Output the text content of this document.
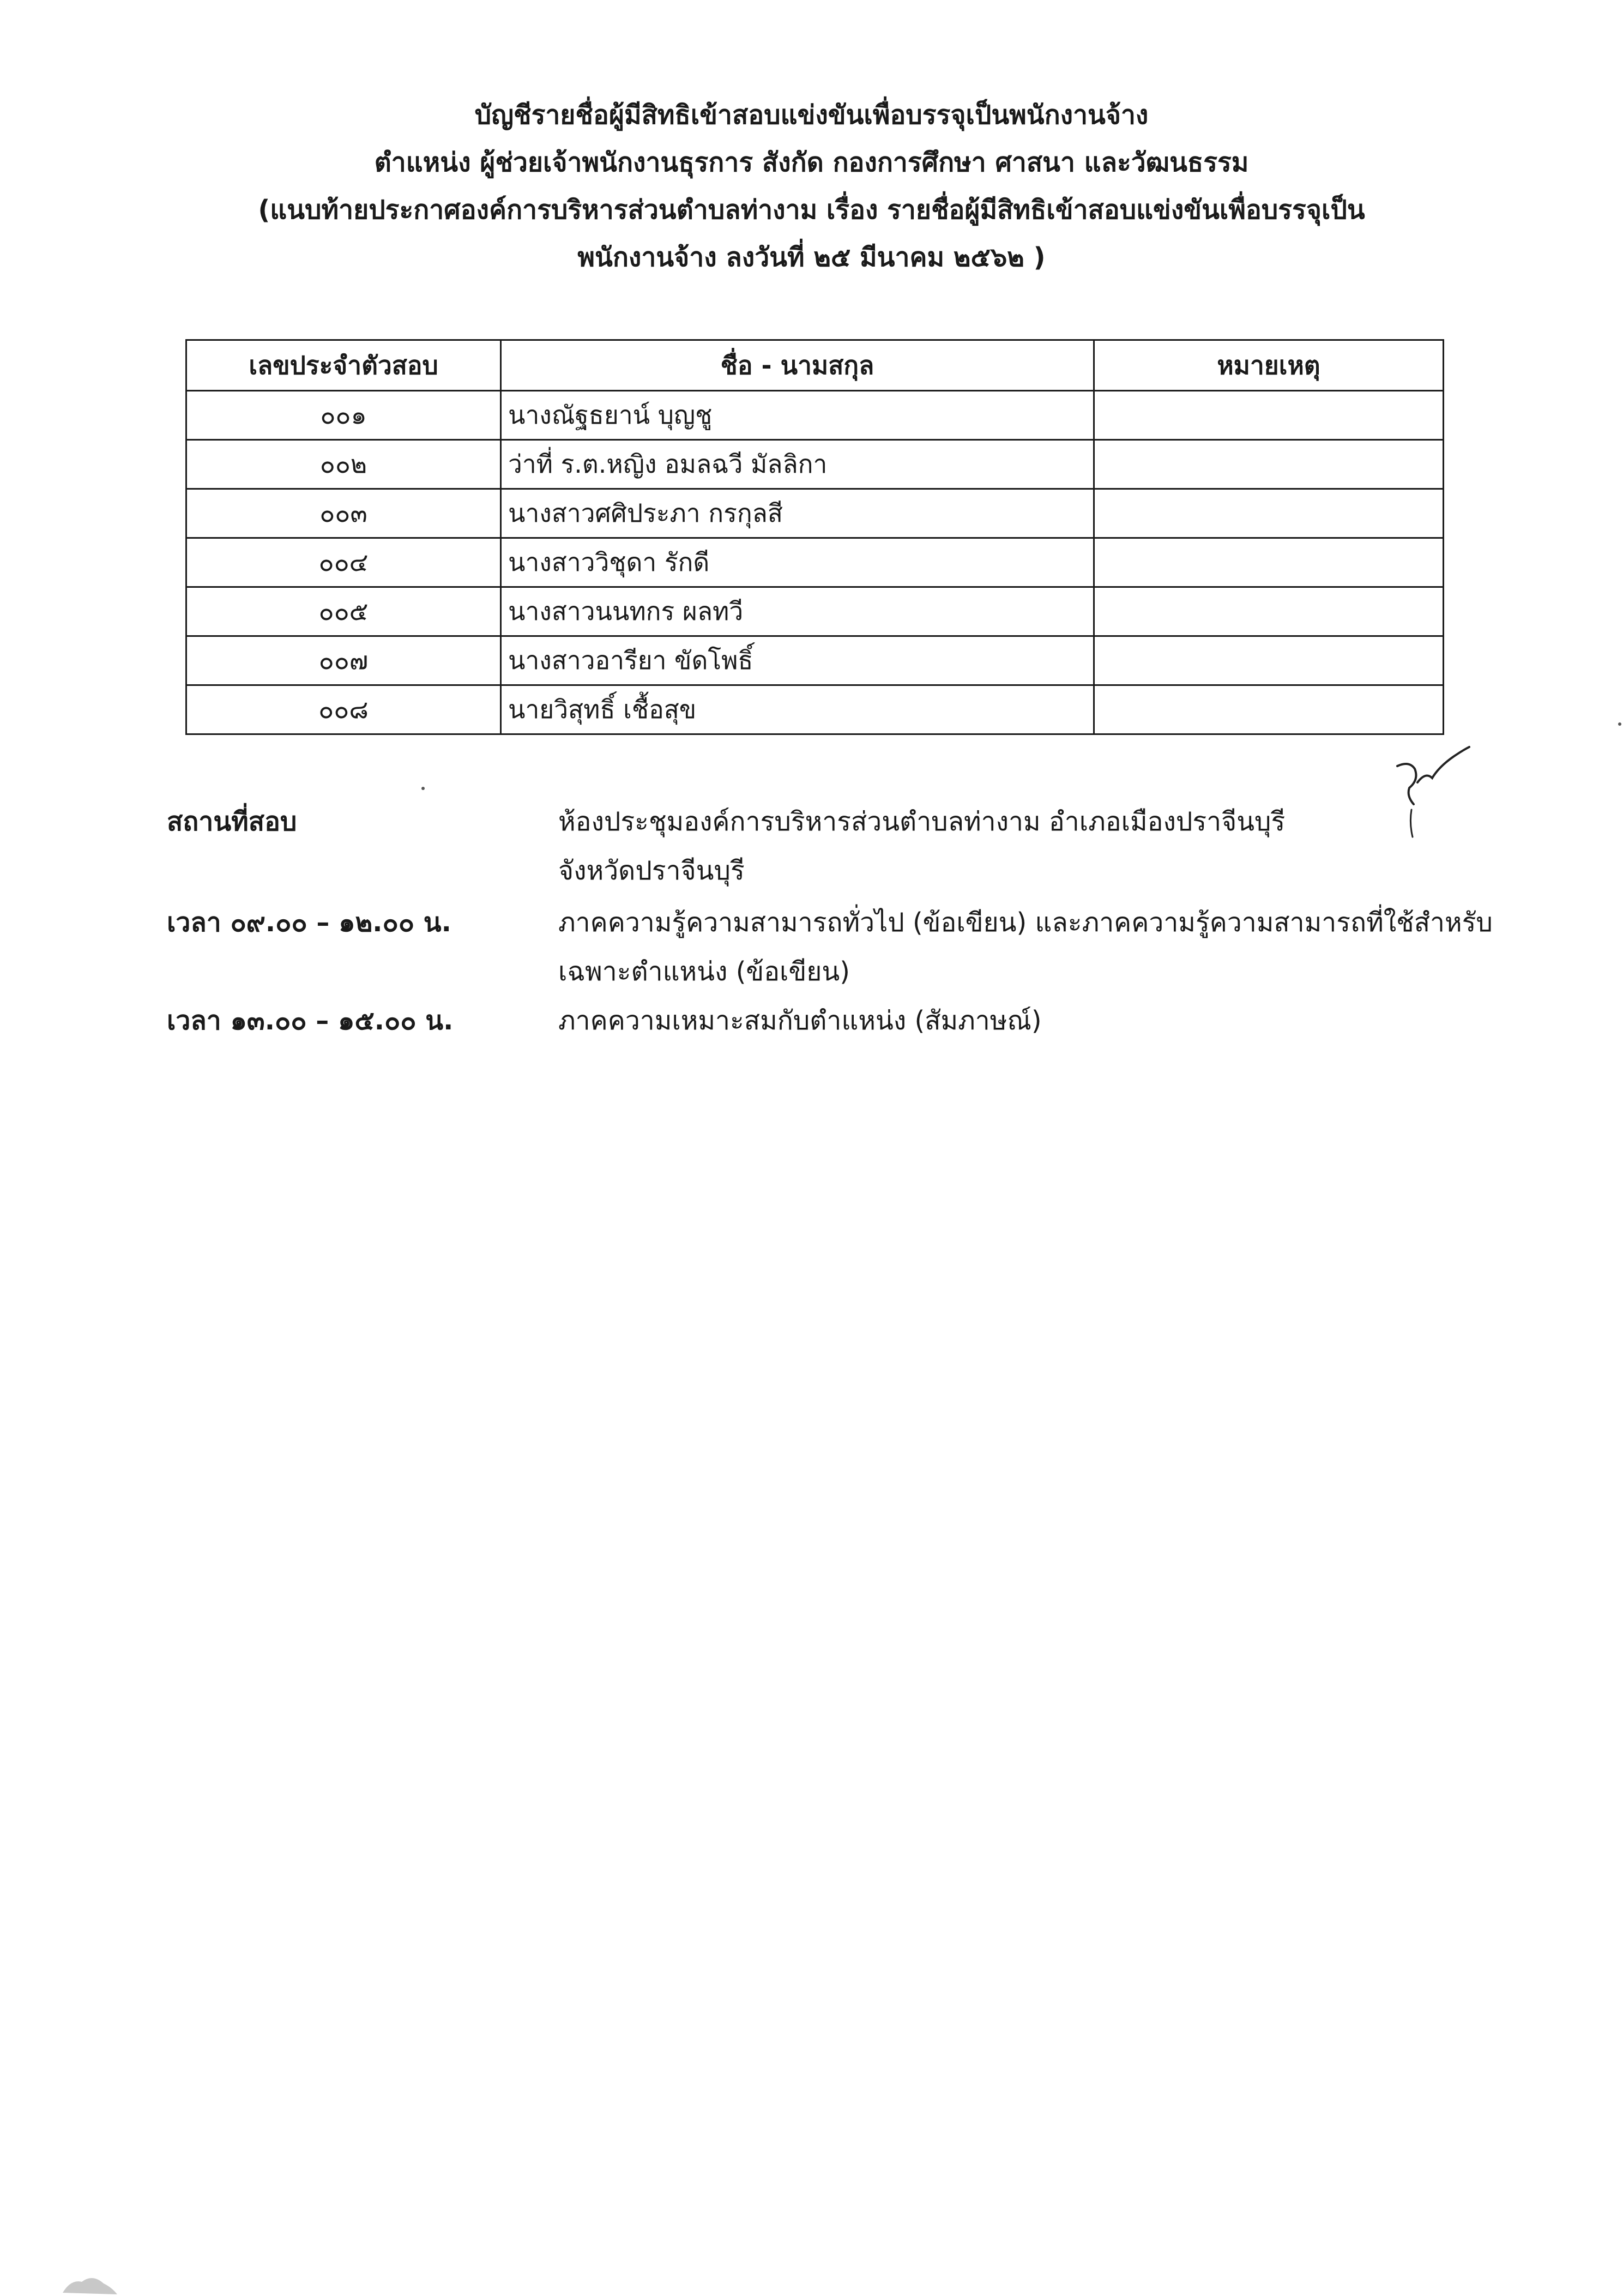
บัญชีรายชื่อผู้มีสิทธิเข้าสอบแข่งขันเพื่อบรรจุเป็นพนักงานจ้าง
ตำแหน่ง ผู้ช่วยเจ้าพนักงานธุรการ สังกัด กองการศึกษา ศาสนา และวัฒนธรรม
(แนบท้ายประกาศองค์การบริหารส่วนตำบลท่างาม เรื่อง รายชื่อผู้มีสิทธิเข้าสอบแข่งขันเพื่อบรรจุเป็น
พนักงานจ้าง ลงวันที่ ๒๕ มีนาคม ๒๕๖๒ )
เลขประจำตัวสอบ	ชื่อ - นามสกุล	หมายเหตุ
๐๐๑	นางณัฐธยาน์ บุญชู	
๐๐๒	ว่าที่ ร.ต.หญิง อมลฉวี มัลลิกา	
๐๐๓	นางสาวศศิประภา กรกุลสี	
๐๐๔	นางสาววิชุดา รักดี	
๐๐๕	นางสาวนนทกร ผลทวี	
๐๐๗	นางสาวอารียา ขัดโพธิ์	
๐๐๘	นายวิสุทธิ์ เชื้อสุข	
สถานที่สอบ	ห้องประชุมองค์การบริหารส่วนตำบลท่างาม อำเภอเมืองปราจีนบุรี
จังหวัดปราจีนบุรี
เวลา ๐๙.๐๐ – ๑๒.๐๐ น.	ภาคความรู้ความสามารถทั่วไป (ข้อเขียน) และภาคความรู้ความสามารถที่ใช้สำหรับ
เฉพาะตำแหน่ง (ข้อเขียน)
เวลา ๑๓.๐๐ – ๑๕.๐๐ น.	ภาคความเหมาะสมกับตำแหน่ง (สัมภาษณ์)
